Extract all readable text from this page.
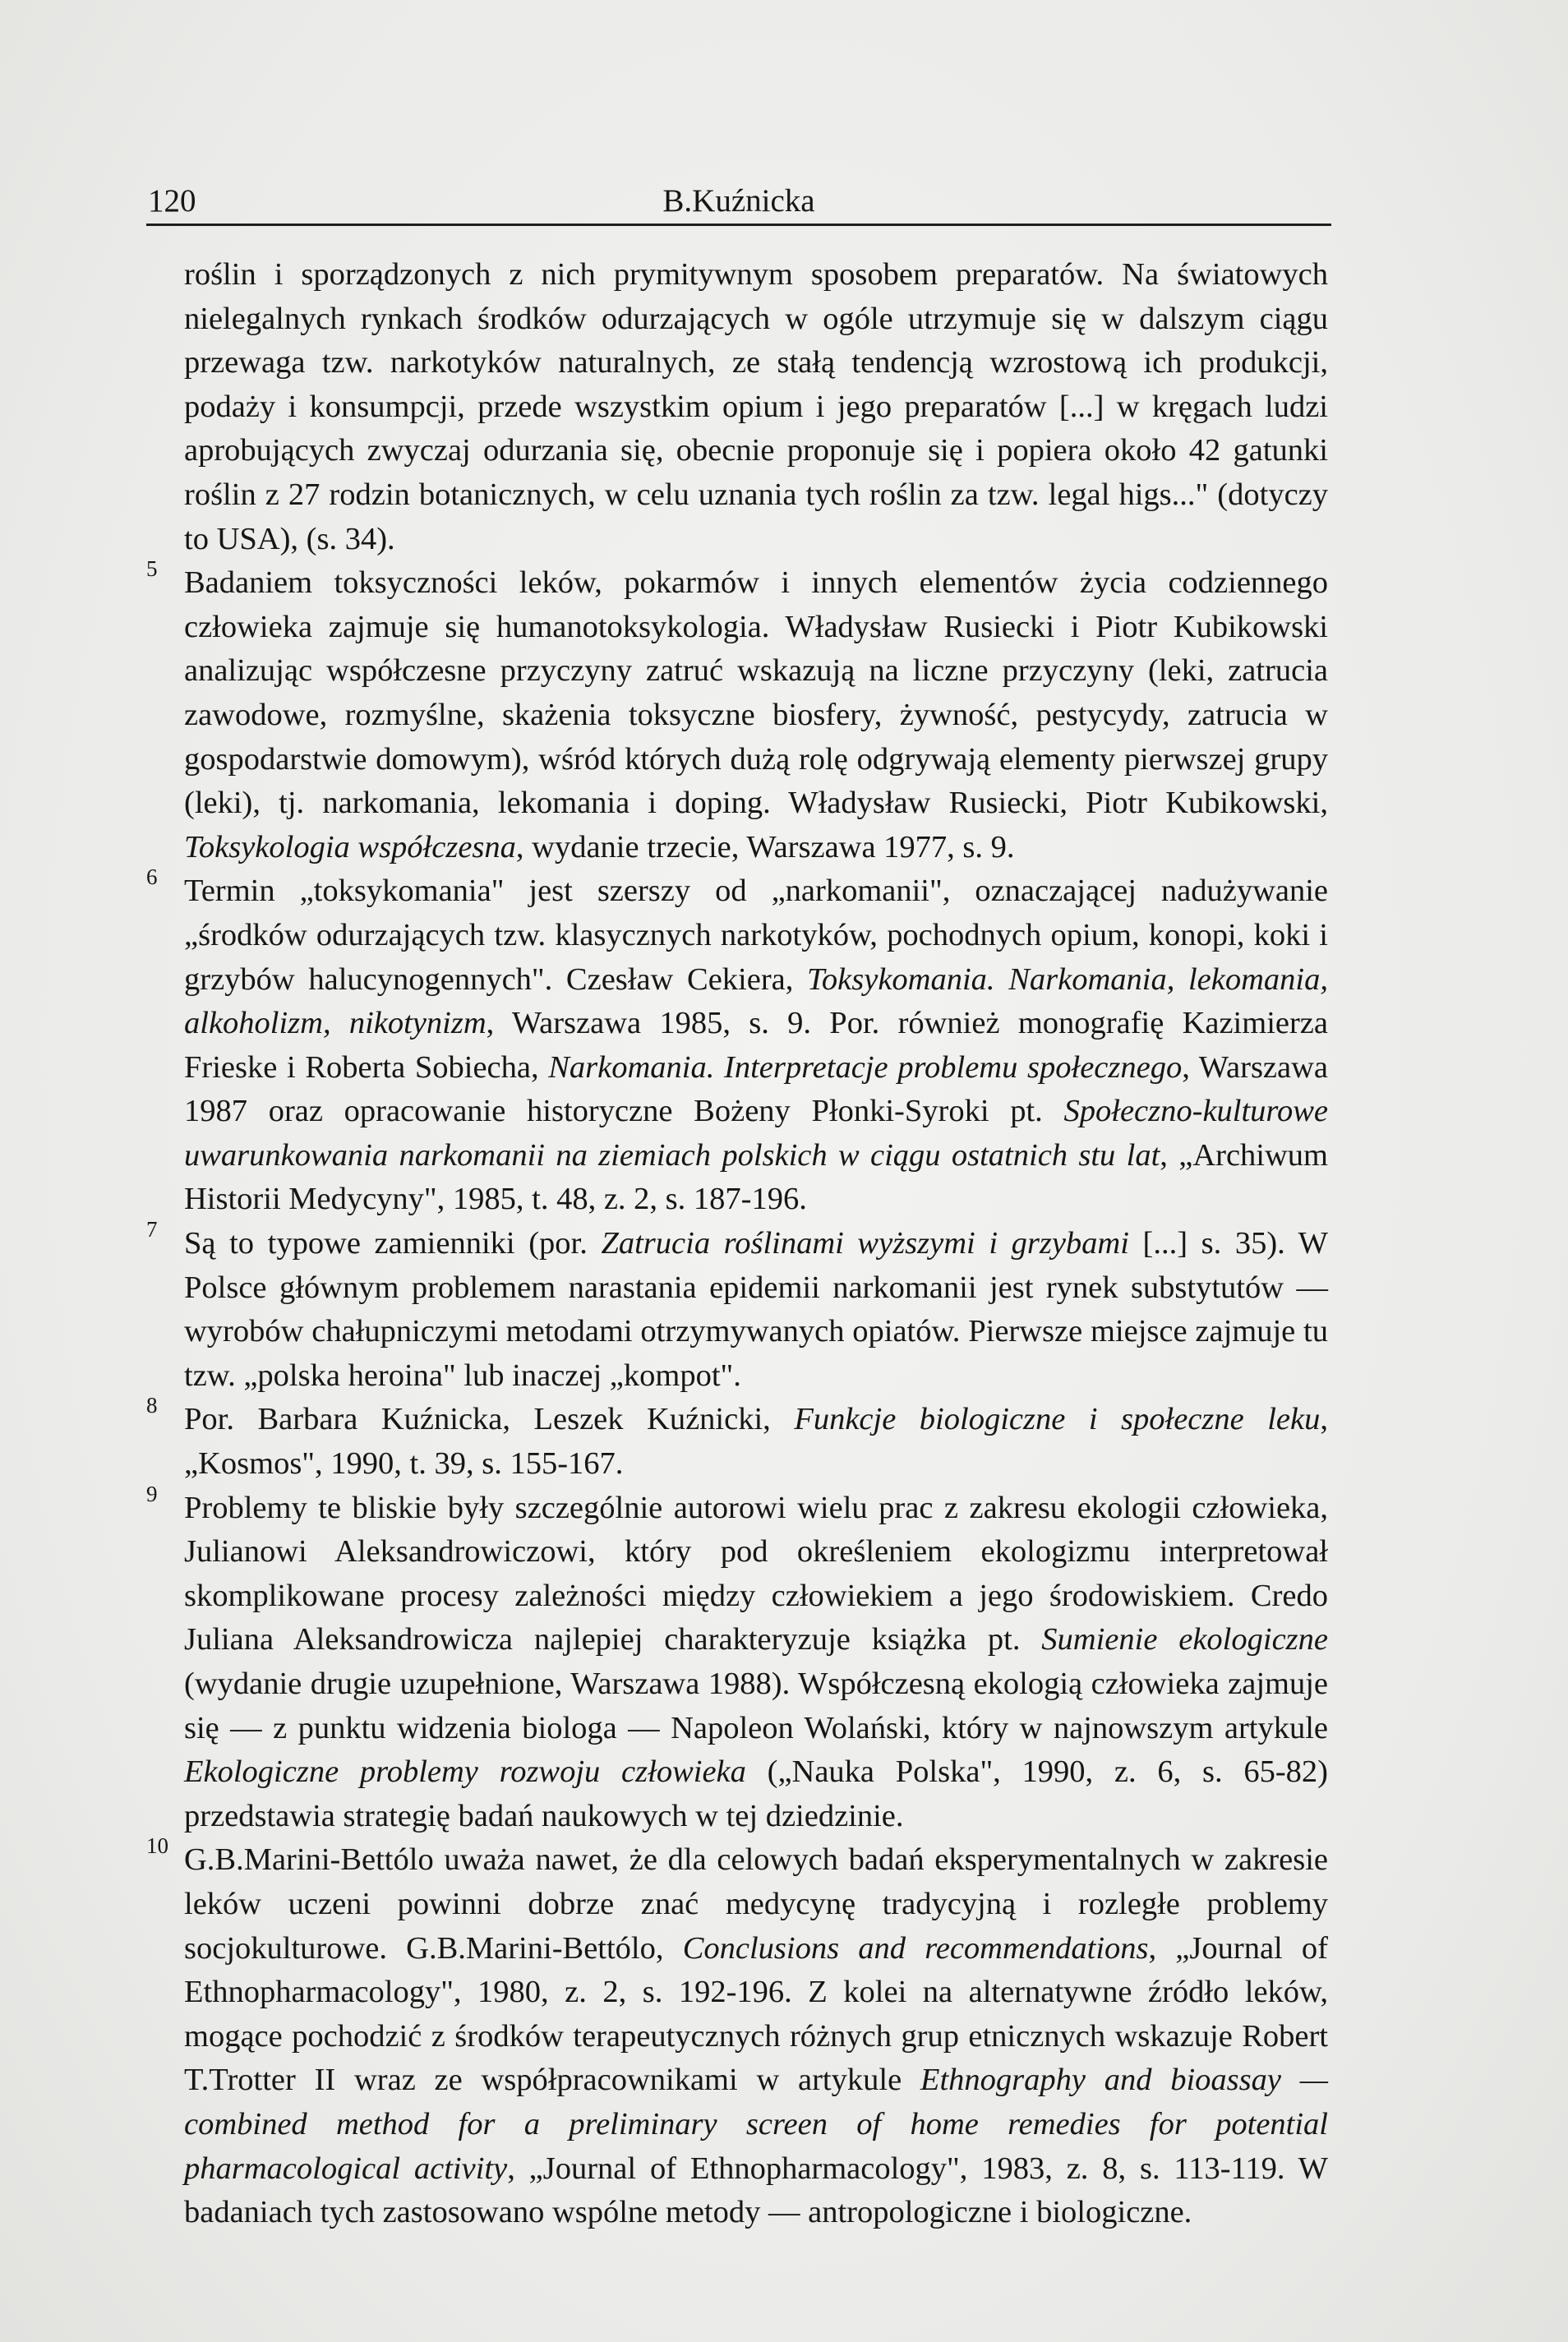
120	B.Kuźnicka
roślin i sporządzonych z nich prymitywnym sposobem preparatów. Na światowych nielegalnych rynkach środków odurzających w ogóle utrzymuje się w dalszym ciągu przewaga tzw. narkotyków naturalnych, ze stałą tendencją wzrostową ich produkcji, podaży i konsumpcji, przede wszystkim opium i jego preparatów [...] w kręgach ludzi aprobujących zwyczaj odurzania się, obecnie proponuje się i popiera około 42 gatunki roślin z 27 rodzin botanicznych, w celu uznania tych roślin za tzw. legal higs..." (dotyczy to USA), (s. 34).
5 Badaniem toksyczności leków, pokarmów i innych elementów życia codziennego człowieka zajmuje się humanotoksykologia. Władysław Rusiecki i Piotr Kubikowski analizując współczesne przyczyny zatruć wskazują na liczne przyczyny (leki, zatrucia zawodowe, rozmyślne, skażenia toksyczne biosfery, żywność, pestycydy, zatrucia w gospodarstwie domowym), wśród których dużą rolę odgrywają elementy pierwszej grupy (leki), tj. narkomania, lekomania i doping. Władysław Rusiecki, Piotr Kubikowski, Toksykologia współczesna, wydanie trzecie, Warszawa 1977, s. 9.
6 Termin „toksykomania" jest szerszy od „narkomanii", oznaczającej nadużywanie „środków odurzających tzw. klasycznych narkotyków, pochodnych opium, konopi, koki i grzybów halucynogennych". Czesław Cekiera, Toksykomania. Narkomania, lekomania, alkoholizm, nikotynizm, Warszawa 1985, s. 9. Por. również monografię Kazimierza Frieske i Roberta Sobiecha, Narkomania. Interpretacje problemu społecznego, Warszawa 1987 oraz opracowanie historyczne Bożeny Płonki-Syroki pt. Społeczno-kulturowe uwarunkowania narkomanii na ziemiach polskich w ciągu ostatnich stu lat, „Archiwum Historii Medycyny", 1985, t. 48, z. 2, s. 187-196.
7 Są to typowe zamienniki (por. Zatrucia roślinami wyższymi i grzybami [...] s. 35). W Polsce głównym problemem narastania epidemii narkomanii jest rynek substytutów — wyrobów chałupniczymi metodami otrzymywanych opiatów. Pierwsze miejsce zajmuje tu tzw. „polska heroina" lub inaczej „kompot".
8 Por. Barbara Kuźnicka, Leszek Kuźnicki, Funkcje biologiczne i społeczne leku, „Kosmos", 1990, t. 39, s. 155-167.
9 Problemy te bliskie były szczególnie autorowi wielu prac z zakresu ekologii człowieka, Julianowi Aleksandrowiczowi, który pod określeniem ekologizmu interpretował skomplikowane procesy zależności między człowiekiem a jego środowiskiem. Credo Juliana Aleksandrowicza najlepiej charakteryzuje książka pt. Sumienie ekologiczne (wydanie drugie uzupełnione, Warszawa 1988). Współczesną ekologią człowieka zajmuje się — z punktu widzenia biologa — Napoleon Wolański, który w najnowszym artykule Ekologiczne problemy rozwoju człowieka („Nauka Polska", 1990, z. 6, s. 65-82) przedstawia strategię badań naukowych w tej dziedzinie.
10 G.B.Marini-Bettólo uważa nawet, że dla celowych badań eksperymentalnych w zakresie leków uczeni powinni dobrze znać medycynę tradycyjną i rozległe problemy socjokulturowe. G.B.Marini-Bettólo, Conclusions and recommendations, „Journal of Ethnopharmacology", 1980, z. 2, s. 192-196. Z kolei na alternatywne źródło leków, mogące pochodzić z środków terapeutycznych różnych grup etnicznych wskazuje Robert T.Trotter II wraz ze współpracownikami w artykule Ethnography and bioassay — combined method for a preliminary screen of home remedies for potential pharmacological activity, „Journal of Ethnopharmacology", 1983, z. 8, s. 113-119. W badaniach tych zastosowano wspólne metody — antropologiczne i biologiczne.
